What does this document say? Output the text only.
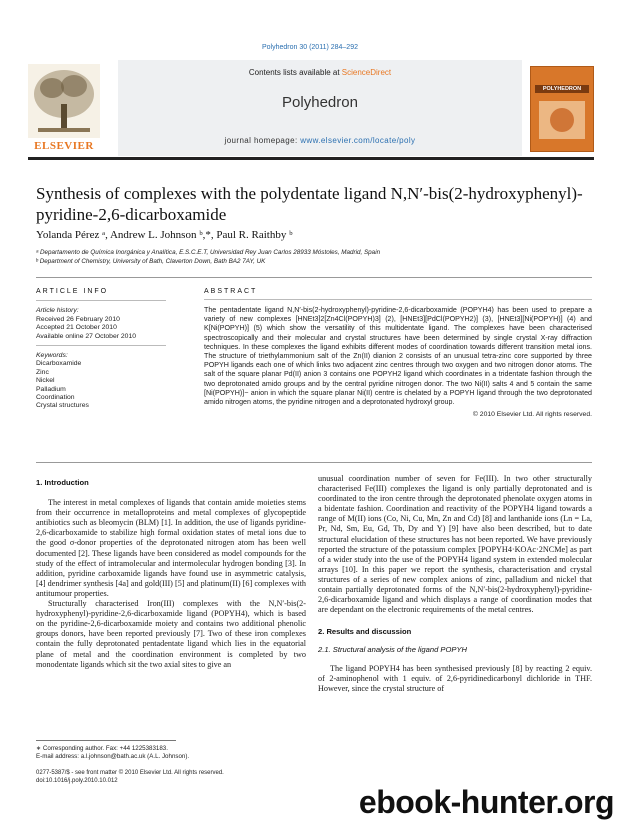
Polyhedron 30 (2011) 284–292
ELSEVIER
Contents lists available at ScienceDirect
Polyhedron
journal homepage: www.elsevier.com/locate/poly
POLYHEDRON
Synthesis of complexes with the polydentate ligand N,N′-bis(2-hydroxyphenyl)-pyridine-2,6-dicarboxamide
Yolanda Pérez ᵃ, Andrew L. Johnson ᵇ,*, Paul R. Raithby ᵇ
ᵃ Departamento de Química Inorgánica y Analítica, E.S.C.E.T, Universidad Rey Juan Carlos 28933 Móstoles, Madrid, Spain
ᵇ Department of Chemistry, University of Bath, Claverton Down, Bath BA2 7AY, UK
ARTICLE INFO
Article history:
Received 26 February 2010
Accepted 21 October 2010
Available online 27 October 2010
Keywords:
Dicarboxamide
Zinc
Nickel
Palladium
Coordination
Crystal structures
ABSTRACT
The pentadentate ligand N,N′-bis(2-hydroxyphenyl)-pyridine-2,6-dicarboxamide (POPYH4) has been used to prepare a variety of new complexes [HNEt3]2[Zn4Cl(POPYH)3] (2), [HNEt3][PdCl(POPYH2)] (3), [HNEt3][Ni(POPYH)] (4) and K[Ni(POPYH)] (5) which show the versatility of this multidentate ligand. The complexes have been characterised spectroscopically and their molecular and crystal structures have been determined by single crystal X-ray diffraction techniques. In these complexes the ligand exhibits different modes of coordination towards different transition metal ions. The structure of triethylammonium salt of the Zn(II) dianion 2 consists of an unusual tetra-zinc core supported by three POPYH ligands each one of which links two adjacent zinc centres through two oxygen and two nitrogen donor atoms. The salt of the square planar Pd(II) anion 3 contains one POPYH2 ligand which coordinates in a tridentate fashion through the two deprotonated amido groups and by the central pyridine nitrogen donor. The two Ni(II) salts 4 and 5 contain the same [Ni(POPYH)]− anion in which the square planar Ni(II) centre is chelated by a POPYH ligand through the two deprotonated amido nitrogen atoms, the pyridine nitrogen and a deprotonated hydroxyl group.
© 2010 Elsevier Ltd. All rights reserved.
1. Introduction

The interest in metal complexes of ligands that contain amide moieties stems from their occurrence in metalloproteins and metal complexes of glycopeptide antibiotics such as bleomycin (BLM) [1]. In addition, the use of ligands pyridine-2,6-dicarboxamide to stabilize high formal oxidation states of metal ions due to the good σ-donor properties of the deprotonated nitrogen atom has been well documented [2]. These ligands have been considered as model compounds for the study of the effect of intramolecular and intermolecular hydrogen bonding [3]. In addition, pyridine carboxamide ligands have found use in asymmetric catalysis, [4] dendrimer synthesis [4a] and gold(III) [5] and platinum(II) [6] complexes with antitumour properties.

Structurally characterised Iron(III) complexes with the N,N′-bis(2-hydroxyphenyl)-pyridine-2,6-dicarboxamide ligand (POPYH4), which is based on the pyridine-2,6-dicarboxamide moiety and contains two additional phenolic groups donors, have been reported previously [7]. Two of these iron complexes contain the fully deprotonated pentadentate ligand which lies in the equatorial plane of metal and the coordination environment is completed by two monodentate ligands which sit the two axial sites to give an

unusual coordination number of seven for Fe(III). In two other structurally characterised Fe(III) complexes the ligand is only partially deprotonated and is coordinated to the iron centre through the deprotonated phenolate oxygen atoms in a bidentate fashion. Coordination and reactivity of the POPYH4 ligand towards a range of M(II) ions (Co, Ni, Cu, Mn, Zn and Cd) [8] and lanthanide ions (Ln = La, Pr, Nd, Sm, Eu, Gd, Tb, Dy and Y) [9] have also been described, but to date structural elucidation of these structures has not been reported. We have previously reported the structure of the potassium complex [POPYH4·KOAc·2NCMe] as part of a wider study into the use of the POPYH4 ligand system in extended molecular arrays [10]. In this paper we report the synthesis, characterisation and crystal structures of a series of new complex anions of zinc, palladium and nickel that contain partially deprotonated forms of the N,N′-bis(2-hydroxyphenyl)-pyridine-2,6-dicarboxamide ligand and which displays a range of coordination modes that are dependant on the electronic requirements of the metal centres.

2. Results and discussion
2.1. Structural analysis of the ligand POPYH

The ligand POPYH4 has been synthesised previously [8] by reacting 2 equiv. of 2-aminophenol with 1 equiv. of 2,6-pyridinedicarbonyl dichloride in THF. However, since the crystal structure of

∗ Corresponding author. Fax: +44 1225383183.
E-mail address: a.l.johnson@bath.ac.uk (A.L. Johnson).
0277-5387/$ - see front matter © 2010 Elsevier Ltd. All rights reserved.
doi:10.1016/j.poly.2010.10.012
ebook-hunter.org
